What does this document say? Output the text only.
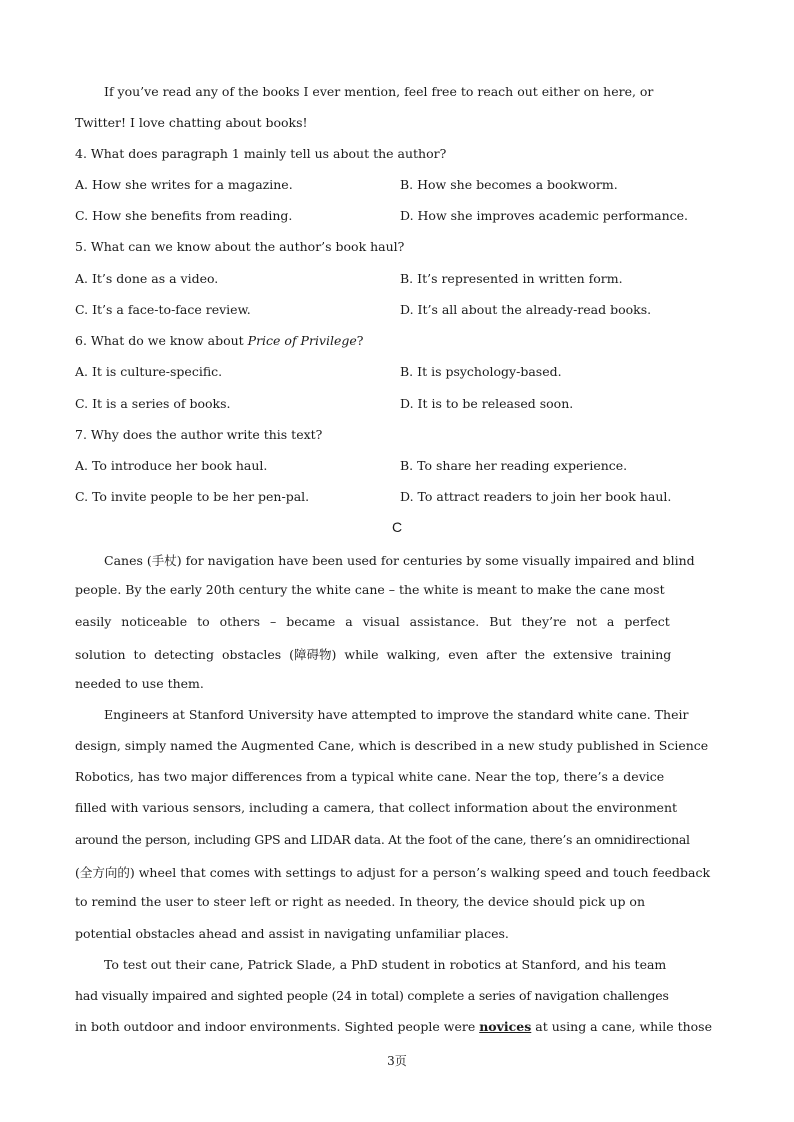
If you’ve read any of the books I ever mention, feel free to reach out either on here, or
Twitter! I love chatting about books!
4. What does paragraph 1 mainly tell us about the author?
A. How she writes for a magazine.	B. How she becomes a bookworm.
C. How she benefits from reading.	D. How she improves academic performance.
5. What can we know about the author’s book haul?
A. It’s done as a video.	B. It’s represented in written form.
C. It’s a face-to-face review.	D. It’s all about the already-read books.
6. What do we know about Price of Privilege?
A. It is culture-specific.	B. It is psychology-based.
C. It is a series of books.	D. It is to be released soon.
7. Why does the author write this text?
A. To introduce her book haul.	B. To share her reading experience.
C. To invite people to be her pen-pal.	D. To attract readers to join her book haul.
C
Canes (手杖) for navigation have been used for centuries by some visually impaired and blind
people. By the early 20th century the white cane – the white is meant to make the cane most
easily noticeable to others – became a visual assistance. But they’re not a perfect
solution to detecting obstacles (障碍物) while walking, even after the extensive training
needed to use them.
Engineers at Stanford University have attempted to improve the standard white cane. Their
design, simply named the Augmented Cane, which is described in a new study published in Science
Robotics, has two major differences from a typical white cane. Near the top, there’s a device
filled with various sensors, including a camera, that collect information about the environment
around the person, including GPS and LIDAR data. At the foot of the cane, there’s an omnidirectional
(全方向的) wheel that comes with settings to adjust for a person’s walking speed and touch feedback
to remind the user to steer left or right as needed. In theory, the device should pick up on
potential obstacles ahead and assist in navigating unfamiliar places.
To test out their cane, Patrick Slade, a PhD student in robotics at Stanford, and his team
had visually impaired and sighted people (24 in total) complete a series of navigation challenges
in both outdoor and indoor environments. Sighted people were novices at using a cane, while those
3页
